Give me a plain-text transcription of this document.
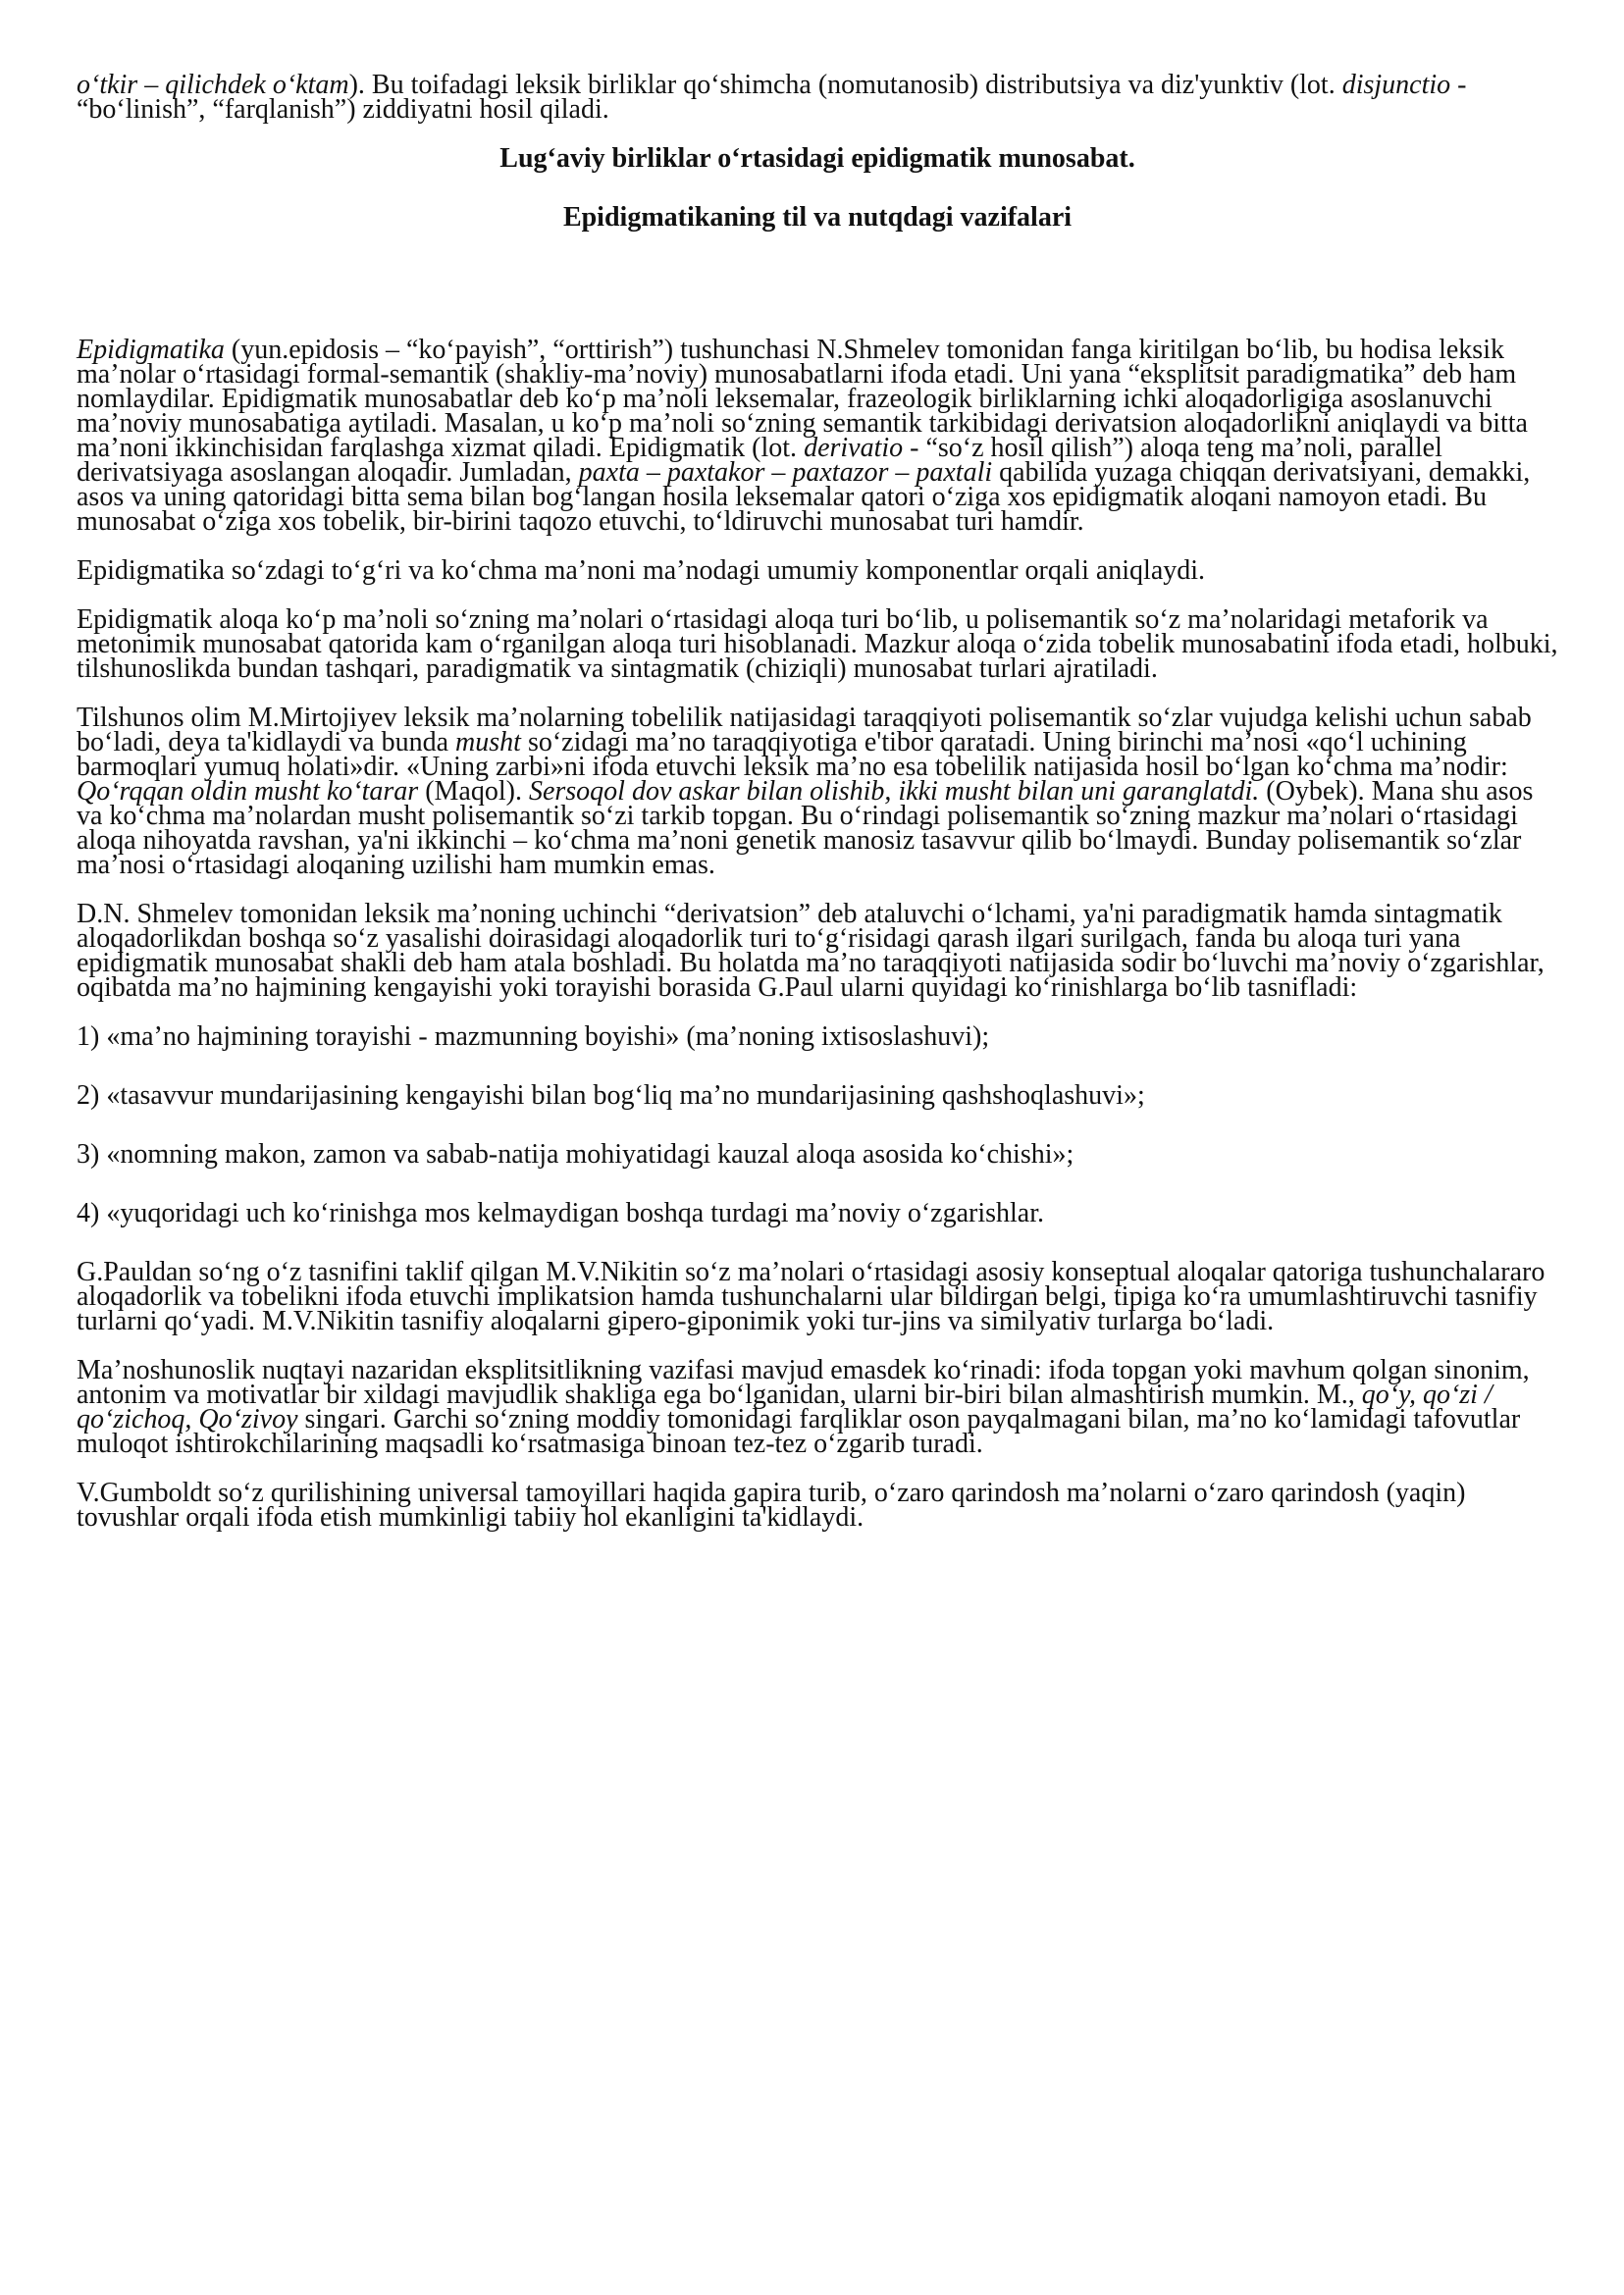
o‘tkir – qilichdek o‘ktam). Bu toifadagi leksik birliklar qo‘shimcha (nomutanosib) distributsiya va diz'yunktiv (lot. disjunctio - “bo‘linish”, “farqlanish”) ziddiyatni hosil qiladi.

Lug‘aviy birliklar o‘rtasidagi epidigmatik munosabat.
Epidigmatikaning til va nutqdagi vazifalari

Epidigmatika (yun.epidosis – “ko‘payish”, “orttirish”) tushunchasi N.Shmelev tomonidan fanga kiritilgan bo‘lib, bu hodisa leksik ma’nolar o‘rtasidagi formal-semantik (shakliy-ma’noviy) munosabatlarni ifoda etadi. Uni yana “eksplitsit paradigmatika” deb ham nomlaydilar. Epidigmatik munosabatlar deb ko‘p ma’noli leksemalar, frazeologik birliklarning ichki aloqadorligiga asoslanuvchi ma’noviy munosabatiga aytiladi. Masalan, u ko‘p ma’noli so‘zning semantik tarkibidagi derivatsion aloqadorlikni aniqlaydi va bitta ma’noni ikkinchisidan farqlashga xizmat qiladi. Epidigmatik (lot. derivatio - “so‘z hosil qilish”) aloqa teng ma’noli, parallel derivatsiyaga asoslangan aloqadir. Jumladan, paxta – paxtakor – paxtazor – paxtali qabilida yuzaga chiqqan derivatsiyani, demakki, asos va uning qatoridagi bitta sema bilan bog‘langan hosila leksemalar qatori o‘ziga xos epidigmatik aloqani namoyon etadi. Bu munosabat o‘ziga xos tobelik, bir-birini taqozo etuvchi, to‘ldiruvchi munosabat turi hamdir.

Epidigmatika so‘zdagi to‘g‘ri va ko‘chma ma’noni ma’nodagi umumiy komponentlar orqali aniqlaydi.

Epidigmatik aloqa ko‘p ma’noli so‘zning ma’nolari o‘rtasidagi aloqa turi bo‘lib, u polisemantik so‘z ma’nolaridagi metaforik va metonimik munosabat qatorida kam o‘rganilgan aloqa turi hisoblanadi. Mazkur aloqa o‘zida tobelik munosabatini ifoda etadi, holbuki, tilshunoslikda bundan tashqari, paradigmatik va sintagmatik (chiziqli) munosabat turlari ajratiladi.

Tilshunos olim M.Mirtojiyev leksik ma’nolarning tobelilik natijasidagi taraqqiyoti polisemantik so‘zlar vujudga kelishi uchun sabab bo‘ladi, deya ta'kidlaydi va bunda musht so‘zidagi ma’no taraqqiyotiga e'tibor qaratadi. Uning birinchi ma’nosi «qo‘l uchining barmoqlari yumuq holati»dir. «Uning zarbi»ni ifoda etuvchi leksik ma’no esa tobelilik natijasida hosil bo‘lgan ko‘chma ma’nodir: Qo‘rqqan oldin musht ko‘tarar (Maqol). Sersoqol dov askar bilan olishib, ikki musht bilan uni garanglatdi. (Oybek). Mana shu asos va ko‘chma ma’nolardan musht polisemantik so‘zi tarkib topgan. Bu o‘rindagi polisemantik so‘zning mazkur ma’nolari o‘rtasidagi aloqa nihoyatda ravshan, ya'ni ikkinchi – ko‘chma ma’noni genetik manosiz tasavvur qilib bo‘lmaydi. Bunday polisemantik so‘zlar ma’nosi o‘rtasidagi aloqaning uzilishi ham mumkin emas.

D.N. Shmelev tomonidan leksik ma’noning uchinchi “derivatsion” deb ataluvchi o‘lchami, ya'ni paradigmatik hamda sintagmatik aloqadorlikdan boshqa so‘z yasalishi doirasidagi aloqadorlik turi to‘g‘risidagi qarash ilgari surilgach, fanda bu aloqa turi yana epidigmatik munosabat shakli deb ham atala boshladi. Bu holatda ma’no taraqqiyoti natijasida sodir bo‘luvchi ma’noviy o‘zgarishlar, oqibatda ma’no hajmining kengayishi yoki torayishi borasida G.Paul ularni quyidagi ko‘rinishlarga bo‘lib tasnifladi:

1) «ma’no hajmining torayishi - mazmunning boyishi» (ma’noning ixtisoslashuvi);

2) «tasavvur mundarijasining kengayishi bilan bog‘liq ma’no mundarijasining qashshoqlashuvi»;

3) «nomning makon, zamon va sabab-natija mohiyatidagi kauzal aloqa asosida ko‘chishi»;

4) «yuqoridagi uch ko‘rinishga mos kelmaydigan boshqa turdagi ma’noviy o‘zgarishlar.

G.Pauldan so‘ng o‘z tasnifini taklif qilgan M.V.Nikitin so‘z ma’nolari o‘rtasidagi asosiy konseptual aloqalar qatoriga tushunchalararo aloqadorlik va tobelikni ifoda etuvchi implikatsion hamda tushunchalarni ular bildirgan belgi, tipiga ko‘ra umumlashtiruvchi tasnifiy turlarni qo‘yadi. M.V.Nikitin tasnifiy aloqalarni gipero-giponimik yoki tur-jins va similyativ turlarga bo‘ladi.

Ma’noshunoslik nuqtayi nazaridan eksplitsitlikning vazifasi mavjud emasdek ko‘rinadi: ifoda topgan yoki mavhum qolgan sinonim, antonim va motivatlar bir xildagi mavjudlik shakliga ega bo‘lganidan, ularni bir-biri bilan almashtirish mumkin. M., qo‘y, qo‘zi / qo‘zichoq, Qo‘zivoy singari. Garchi so‘zning moddiy tomonidagi farqliklar oson payqalmagani bilan, ma’no ko‘lamidagi tafovutlar muloqot ishtirokchilarining maqsadli ko‘rsatmasiga binoan tez-tez o‘zgarib turadi.

V.Gumboldt so‘z qurilishining universal tamoyillari haqida gapira turib, o‘zaro qarindosh ma’nolarni o‘zaro qarindosh (yaqin) tovushlar orqali ifoda etish mumkinligi tabiiy hol ekanligini ta'kidlaydi.
